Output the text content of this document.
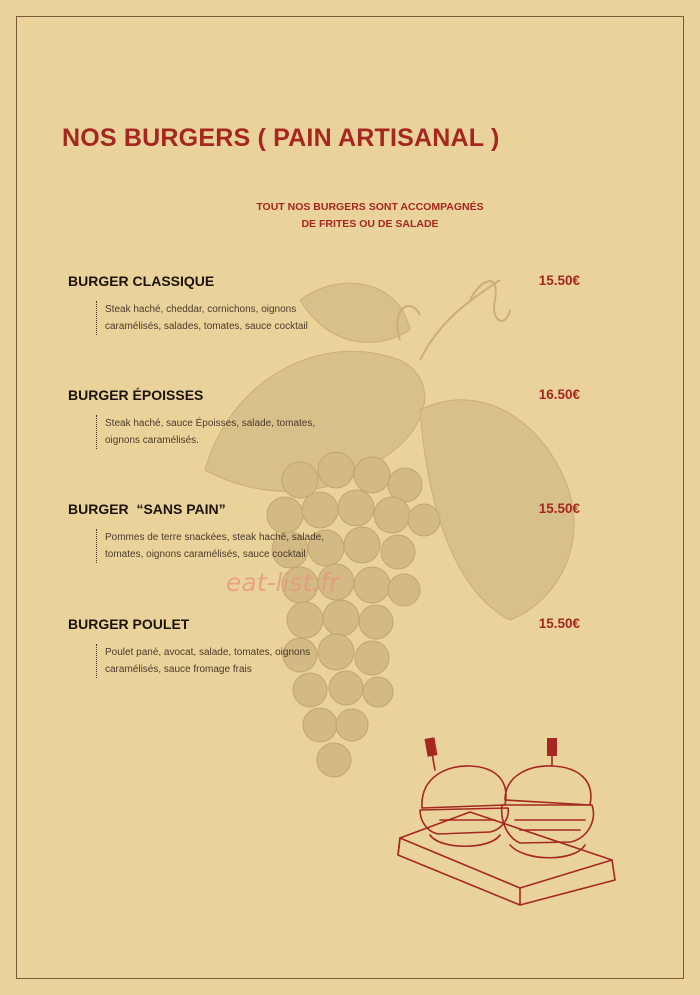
NOS BURGERS ( PAIN ARTISANAL )
TOUT NOS BURGERS SONT ACCOMPAGNÉS
DE FRITES OU DE SALADE
BURGER CLASSIQUE	15.50€
Steak haché, cheddar, cornichons, oignons
caramélisés, salades, tomates, sauce cocktail
BURGER ÉPOISSES	16.50€
Steak haché, sauce Époisses, salade, tomates,
oignons caramélisés.
BURGER  “SANS PAIN”	15.50€
Pommes de terre snackées, steak haché, salade,
tomates, oignons caramélisés, sauce cocktail
BURGER POULET	15.50€
Poulet pané, avocat, salade, tomates, oignons
caramélisés, sauce fromage frais
eat-list.fr
